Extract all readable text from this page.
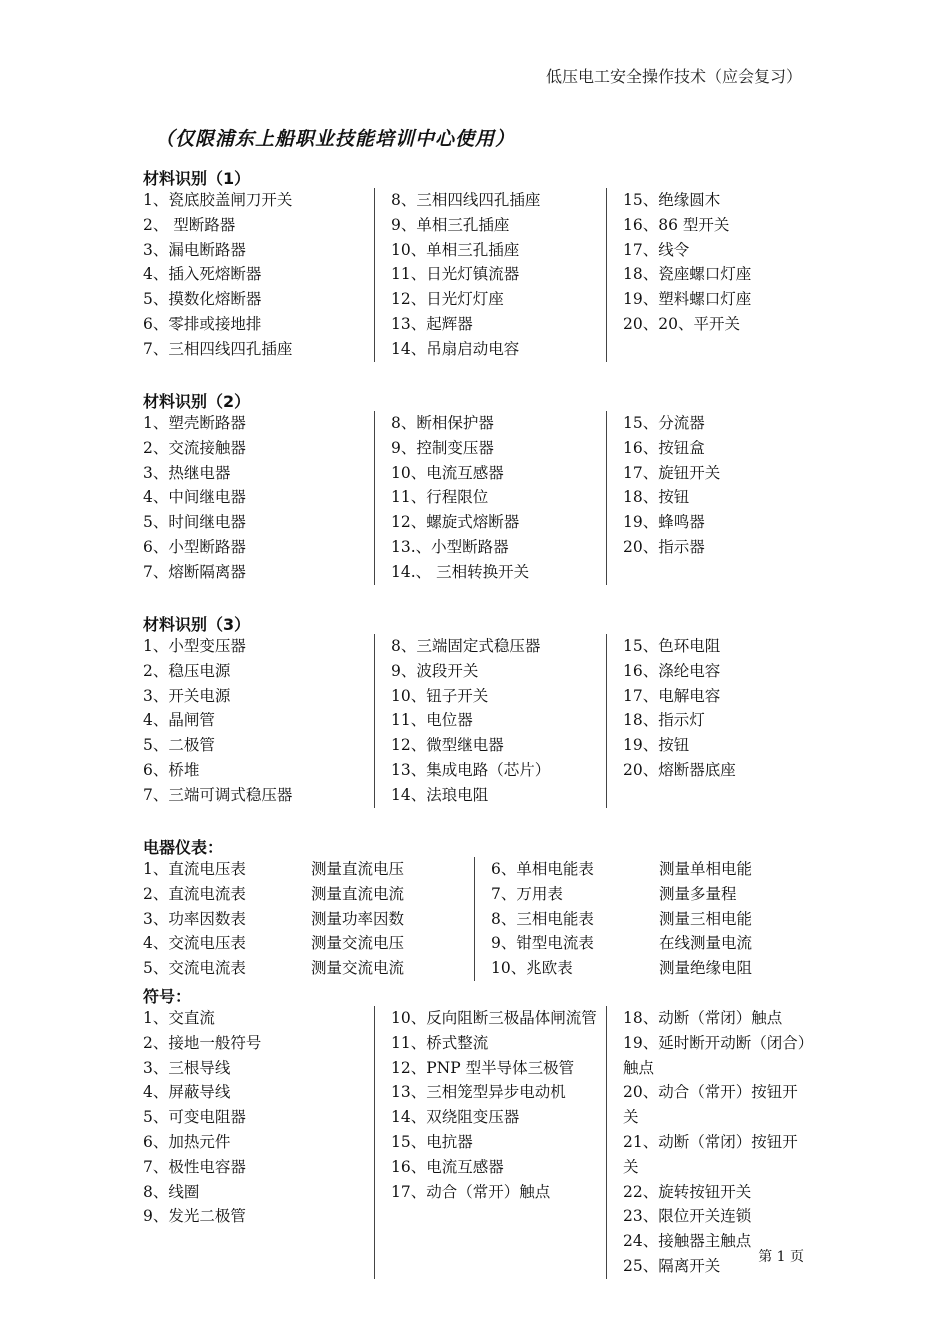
低压电工安全操作技术（应会复习）
（仅限浦东上船职业技能培训中心使用）
材料识别（1）
1、瓷底胶盖闸刀开关
2、 型断路器
3、漏电断路器
4、插入死熔断器
5、摸数化熔断器
6、零排或接地排
7、三相四线四孔插座
8、三相四线四孔插座
9、单相三孔插座
10、单相三孔插座
11、日光灯镇流器
12、日光灯灯座
13、起辉器
14、吊扇启动电容
15、绝缘圆木
16、86 型开关
17、线令
18、瓷座螺口灯座
19、塑料螺口灯座
20、20、平开关
材料识别（2）
1、塑壳断路器
2、交流接触器
3、热继电器
4、中间继电器
5、时间继电器
6、小型断路器
7、熔断隔离器
8、断相保护器
9、控制变压器
10、电流互感器
11、行程限位
12、螺旋式熔断器
13.、小型断路器
14.、 三相转换开关
15、分流器
16、按钮盒
17、旋钮开关
18、按钮
19、蜂鸣器
20、指示器
材料识别（3）
1、小型变压器
2、稳压电源
3、开关电源
4、晶闸管
5、二极管
6、桥堆
7、三端可调式稳压器
8、三端固定式稳压器
9、波段开关
10、钮子开关
11、电位器
12、微型继电器
13、集成电路（芯片）
14、法琅电阻
15、色环电阻
16、涤纶电容
17、电解电容
18、指示灯
19、按钮
20、熔断器底座
电器仪表：
1、直流电压表	测量直流电压
2、直流电流表	测量直流电流
3、功率因数表	测量功率因数
4、交流电压表	测量交流电压
5、交流电流表	测量交流电流
6、单相电能表	测量单相电能
7、万用表	测量多量程
8、三相电能表	测量三相电能
9、钳型电流表	在线测量电流
10、兆欧表	测量绝缘电阻
符号：
1、交直流
2、接地一般符号
3、三根导线
4、屏蔽导线
5、可变电阻器
6、加热元件
7、极性电容器
8、线圈
9、发光二极管
10、反向阻断三极晶体闸流管
11、桥式整流
12、PNP 型半导体三极管
13、三相笼型异步电动机
14、双绕阻变压器
15、电抗器
16、电流互感器
17、动合（常开）触点
18、动断（常闭）触点
19、延时断开动断（闭合）触点
20、动合（常开）按钮开关
21、动断（常闭）按钮开关
22、旋转按钮开关
23、限位开关连锁
24、接触器主触点
25、隔离开关	第 1 页
